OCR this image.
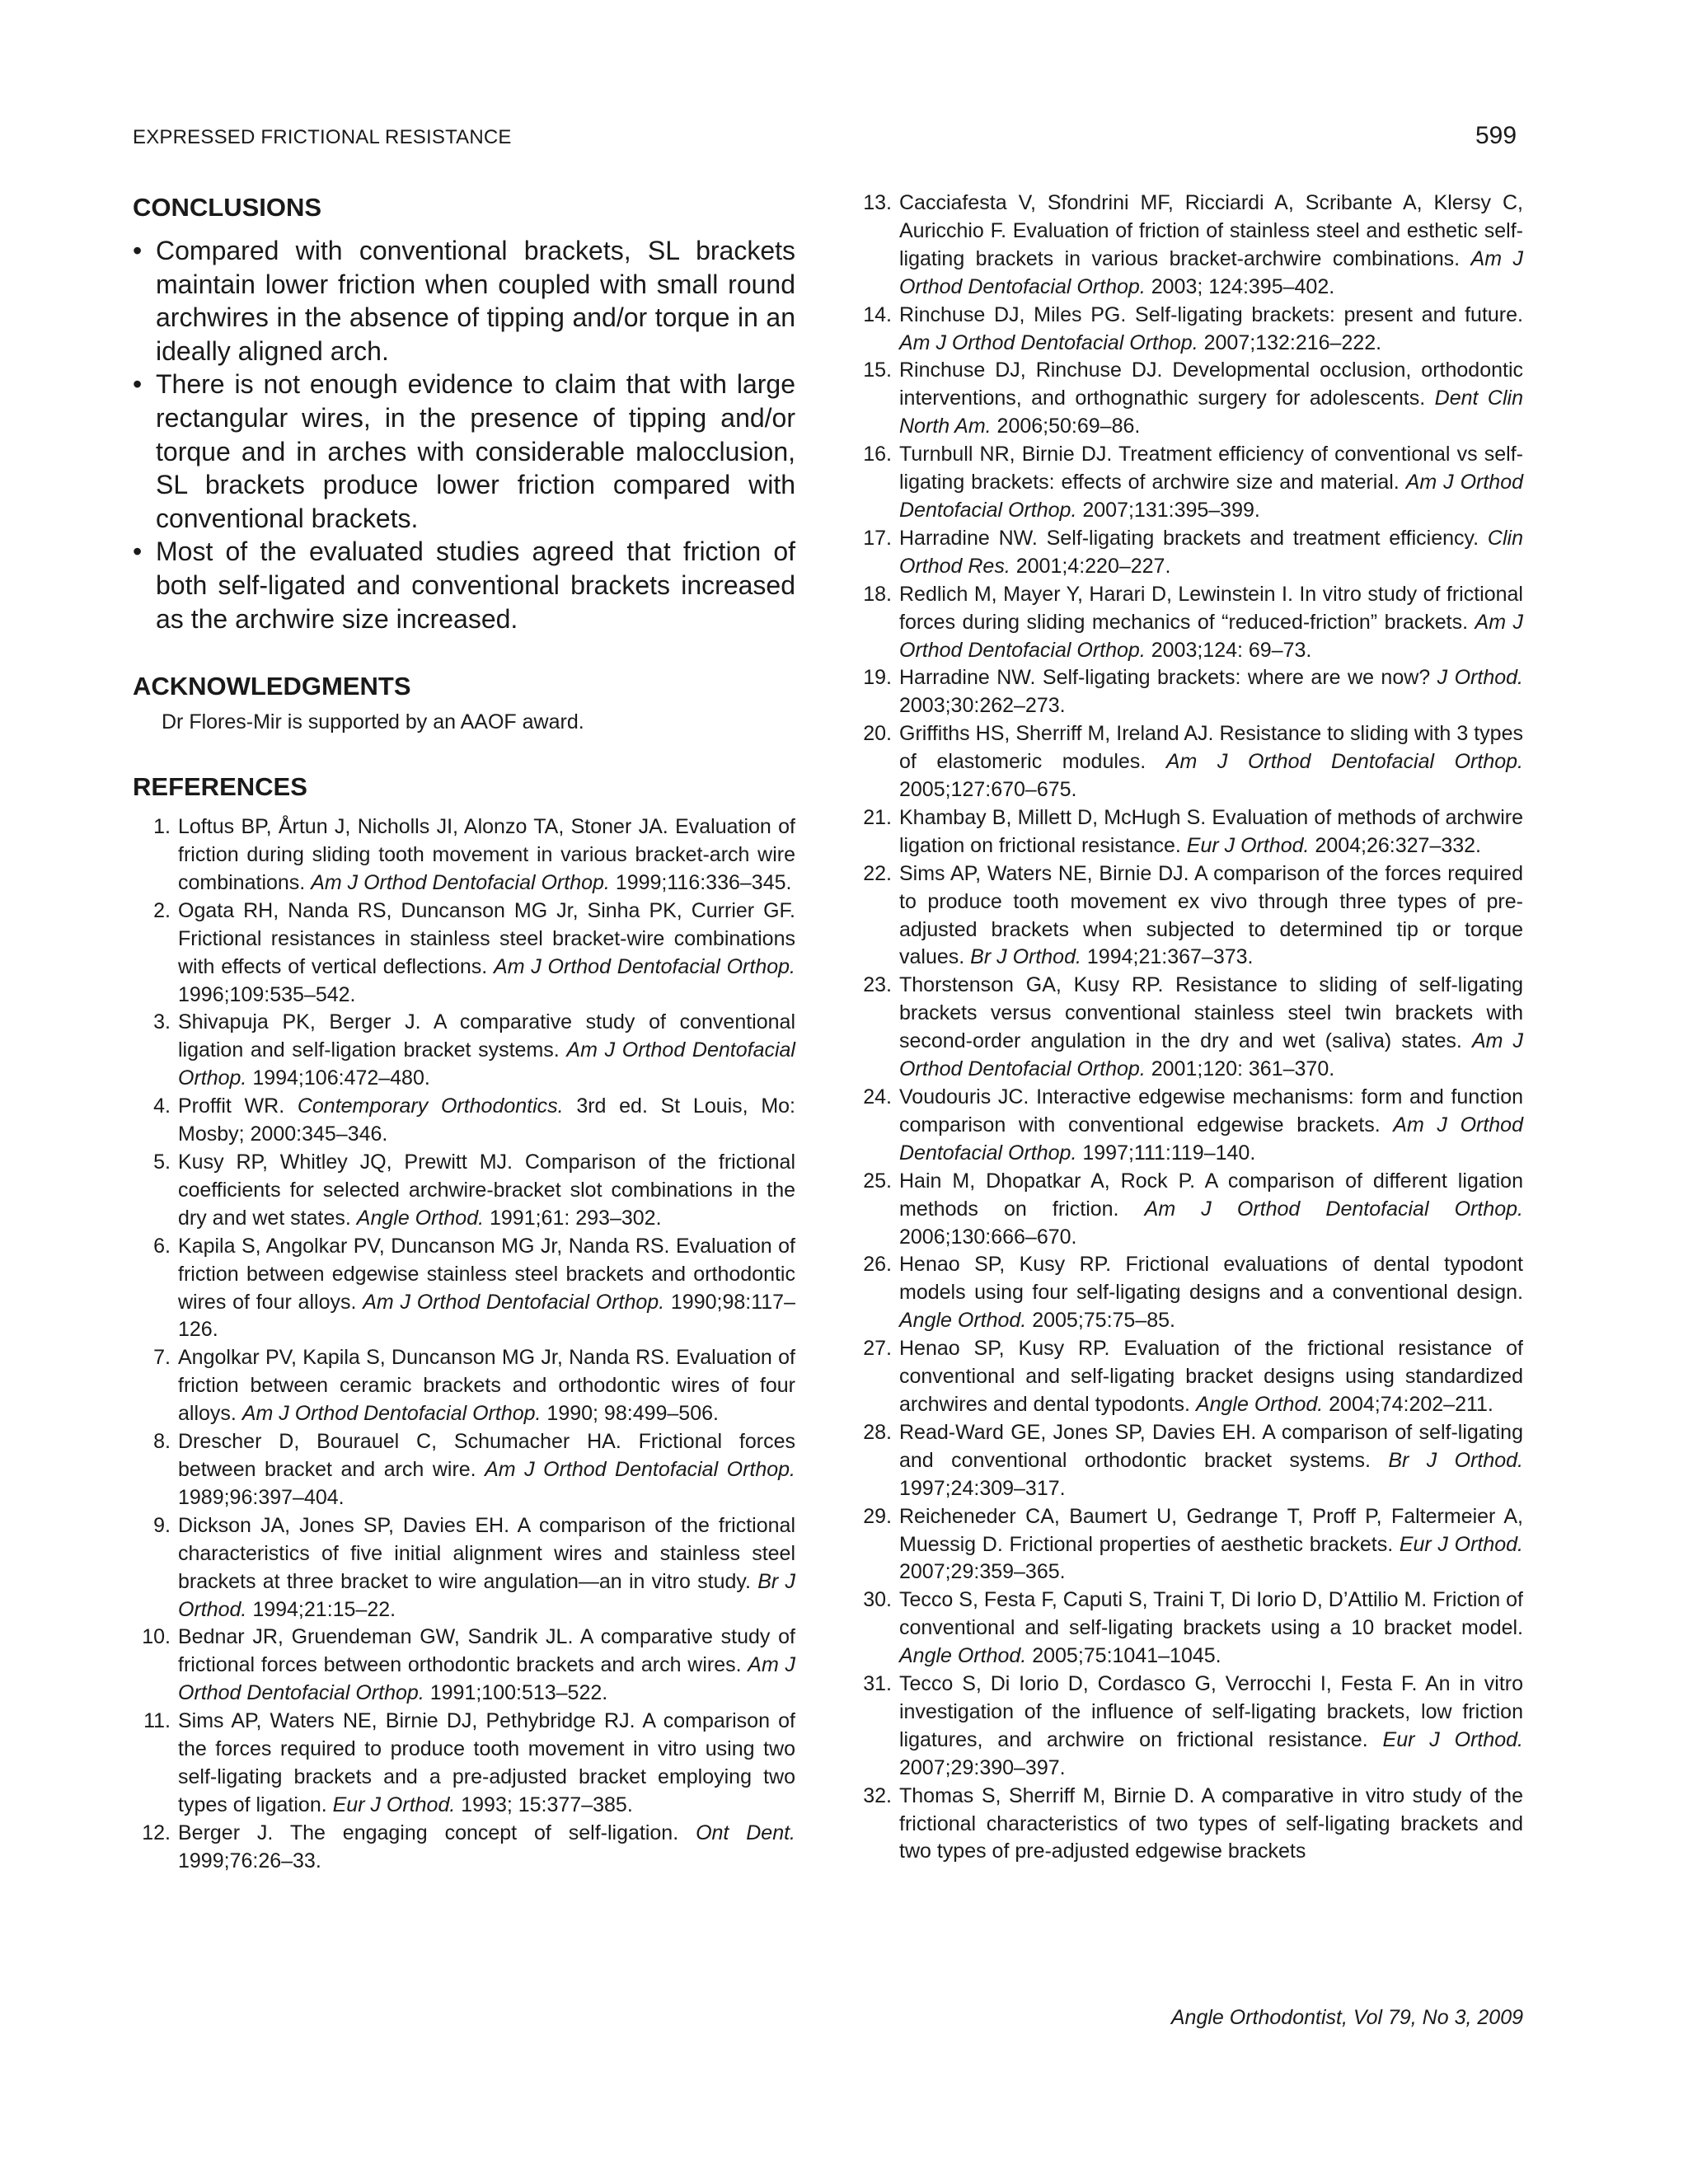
EXPRESSED FRICTIONAL RESISTANCE	599
CONCLUSIONS
• Compared with conventional brackets, SL brackets maintain lower friction when coupled with small round archwires in the absence of tipping and/or torque in an ideally aligned arch.
• There is not enough evidence to claim that with large rectangular wires, in the presence of tipping and/or torque and in arches with considerable malocclusion, SL brackets produce lower friction compared with conventional brackets.
• Most of the evaluated studies agreed that friction of both self-ligated and conventional brackets increased as the archwire size increased.
ACKNOWLEDGMENTS

Dr Flores-Mir is supported by an AAOF award.

REFERENCES
1. Loftus BP, Årtun J, Nicholls JI, Alonzo TA, Stoner JA. Evaluation of friction during sliding tooth movement in various bracket-arch wire combinations. Am J Orthod Dentofacial Orthop. 1999;116:336–345.
2. Ogata RH, Nanda RS, Duncanson MG Jr, Sinha PK, Currier GF. Frictional resistances in stainless steel bracket-wire combinations with effects of vertical deflections. Am J Orthod Dentofacial Orthop. 1996;109:535–542.
3. Shivapuja PK, Berger J. A comparative study of conventional ligation and self-ligation bracket systems. Am J Orthod Dentofacial Orthop. 1994;106:472–480.
4. Proffit WR. Contemporary Orthodontics. 3rd ed. St Louis, Mo: Mosby; 2000:345–346.
5. Kusy RP, Whitley JQ, Prewitt MJ. Comparison of the frictional coefficients for selected archwire-bracket slot combinations in the dry and wet states. Angle Orthod. 1991;61: 293–302.
6. Kapila S, Angolkar PV, Duncanson MG Jr, Nanda RS. Evaluation of friction between edgewise stainless steel brackets and orthodontic wires of four alloys. Am J Orthod Dentofacial Orthop. 1990;98:117–126.
7. Angolkar PV, Kapila S, Duncanson MG Jr, Nanda RS. Evaluation of friction between ceramic brackets and orthodontic wires of four alloys. Am J Orthod Dentofacial Orthop. 1990; 98:499–506.
8. Drescher D, Bourauel C, Schumacher HA. Frictional forces between bracket and arch wire. Am J Orthod Dentofacial Orthop. 1989;96:397–404.
9. Dickson JA, Jones SP, Davies EH. A comparison of the frictional characteristics of five initial alignment wires and stainless steel brackets at three bracket to wire angulation—an in vitro study. Br J Orthod. 1994;21:15–22.
10. Bednar JR, Gruendeman GW, Sandrik JL. A comparative study of frictional forces between orthodontic brackets and arch wires. Am J Orthod Dentofacial Orthop. 1991;100:513–522.
11. Sims AP, Waters NE, Birnie DJ, Pethybridge RJ. A comparison of the forces required to produce tooth movement in vitro using two self-ligating brackets and a pre-adjusted bracket employing two types of ligation. Eur J Orthod. 1993; 15:377–385.
12. Berger J. The engaging concept of self-ligation. Ont Dent. 1999;76:26–33.
13. Cacciafesta V, Sfondrini MF, Ricciardi A, Scribante A, Klersy C, Auricchio F. Evaluation of friction of stainless steel and esthetic self-ligating brackets in various bracket-archwire combinations. Am J Orthod Dentofacial Orthop. 2003; 124:395–402.
14. Rinchuse DJ, Miles PG. Self-ligating brackets: present and future. Am J Orthod Dentofacial Orthop. 2007;132:216–222.
15. Rinchuse DJ, Rinchuse DJ. Developmental occlusion, orthodontic interventions, and orthognathic surgery for adolescents. Dent Clin North Am. 2006;50:69–86.
16. Turnbull NR, Birnie DJ. Treatment efficiency of conventional vs self-ligating brackets: effects of archwire size and material. Am J Orthod Dentofacial Orthop. 2007;131:395–399.
17. Harradine NW. Self-ligating brackets and treatment efficiency. Clin Orthod Res. 2001;4:220–227.
18. Redlich M, Mayer Y, Harari D, Lewinstein I. In vitro study of frictional forces during sliding mechanics of “reduced-friction” brackets. Am J Orthod Dentofacial Orthop. 2003;124: 69–73.
19. Harradine NW. Self-ligating brackets: where are we now? J Orthod. 2003;30:262–273.
20. Griffiths HS, Sherriff M, Ireland AJ. Resistance to sliding with 3 types of elastomeric modules. Am J Orthod Dentofacial Orthop. 2005;127:670–675.
21. Khambay B, Millett D, McHugh S. Evaluation of methods of archwire ligation on frictional resistance. Eur J Orthod. 2004;26:327–332.
22. Sims AP, Waters NE, Birnie DJ. A comparison of the forces required to produce tooth movement ex vivo through three types of pre-adjusted brackets when subjected to determined tip or torque values. Br J Orthod. 1994;21:367–373.
23. Thorstenson GA, Kusy RP. Resistance to sliding of self-ligating brackets versus conventional stainless steel twin brackets with second-order angulation in the dry and wet (saliva) states. Am J Orthod Dentofacial Orthop. 2001;120: 361–370.
24. Voudouris JC. Interactive edgewise mechanisms: form and function comparison with conventional edgewise brackets. Am J Orthod Dentofacial Orthop. 1997;111:119–140.
25. Hain M, Dhopatkar A, Rock P. A comparison of different ligation methods on friction. Am J Orthod Dentofacial Orthop. 2006;130:666–670.
26. Henao SP, Kusy RP. Frictional evaluations of dental typodont models using four self-ligating designs and a conventional design. Angle Orthod. 2005;75:75–85.
27. Henao SP, Kusy RP. Evaluation of the frictional resistance of conventional and self-ligating bracket designs using standardized archwires and dental typodonts. Angle Orthod. 2004;74:202–211.
28. Read-Ward GE, Jones SP, Davies EH. A comparison of self-ligating and conventional orthodontic bracket systems. Br J Orthod. 1997;24:309–317.
29. Reicheneder CA, Baumert U, Gedrange T, Proff P, Faltermeier A, Muessig D. Frictional properties of aesthetic brackets. Eur J Orthod. 2007;29:359–365.
30. Tecco S, Festa F, Caputi S, Traini T, Di Iorio D, D’Attilio M. Friction of conventional and self-ligating brackets using a 10 bracket model. Angle Orthod. 2005;75:1041–1045.
31. Tecco S, Di Iorio D, Cordasco G, Verrocchi I, Festa F. An in vitro investigation of the influence of self-ligating brackets, low friction ligatures, and archwire on frictional resistance. Eur J Orthod. 2007;29:390–397.
32. Thomas S, Sherriff M, Birnie D. A comparative in vitro study of the frictional characteristics of two types of self-ligating brackets and two types of pre-adjusted edgewise brackets
Angle Orthodontist, Vol 79, No 3, 2009
